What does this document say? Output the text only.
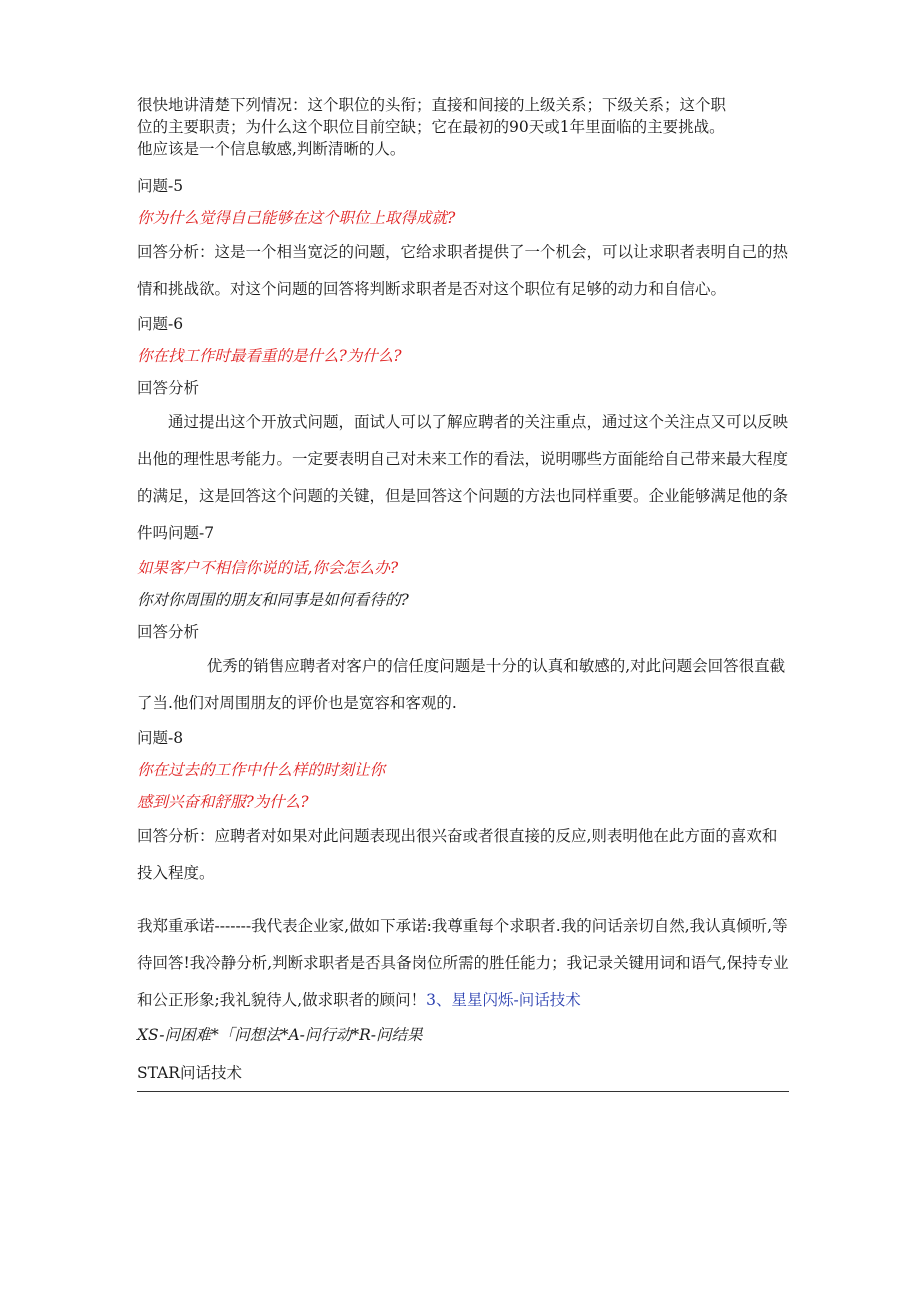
很快地讲清楚下列情况：这个职位的头衔；直接和间接的上级关系；下级关系；这个职
位的主要职责；为什么这个职位目前空缺；它在最初的90天或1年里面临的主要挑战。
他应该是一个信息敏感,判断清晰的人。
问题-5
你为什么觉得自己能够在这个职位上取得成就?
回答分析：这是一个相当宽泛的问题，它给求职者提供了一个机会，可以让求职者表明自己的热情和挑战欲。对这个问题的回答将判断求职者是否对这个职位有足够的动力和自信心。
问题-6
你在找工作时最看重的是什么?为什么?
回答分析
通过提出这个开放式问题，面试人可以了解应聘者的关注重点，通过这个关注点又可以反映出他的理性思考能力。一定要表明自己对未来工作的看法，说明哪些方面能给自己带来最大程度的满足，这是回答这个问题的关键，但是回答这个问题的方法也同样重要。企业能够满足他的条件吗问题-7
如果客户不相信你说的话,你会怎么办?
你对你周围的朋友和同事是如何看待的?
回答分析
优秀的销售应聘者对客户的信任度问题是十分的认真和敏感的,对此问题会回答很直截了当.他们对周围朋友的评价也是宽容和客观的.
问题-8
你在过去的工作中什么样的时刻让你
感到兴奋和舒服?为什么?
回答分析：应聘者对如果对此问题表现出很兴奋或者很直接的反应,则表明他在此方面的喜欢和投入程度。
我郑重承诺-------我代表企业家,做如下承诺:我尊重每个求职者.我的问话亲切自然,我认真倾听,等待回答!我冷静分析,判断求职者是否具备岗位所需的胜任能力；我记录关键用词和语气,保持专业和公正形象;我礼貌待人,做求职者的顾问！3、星星闪烁-问话技术
XS-问困难*「问想法*A-问行动*R-问结果
STAR问话技术
